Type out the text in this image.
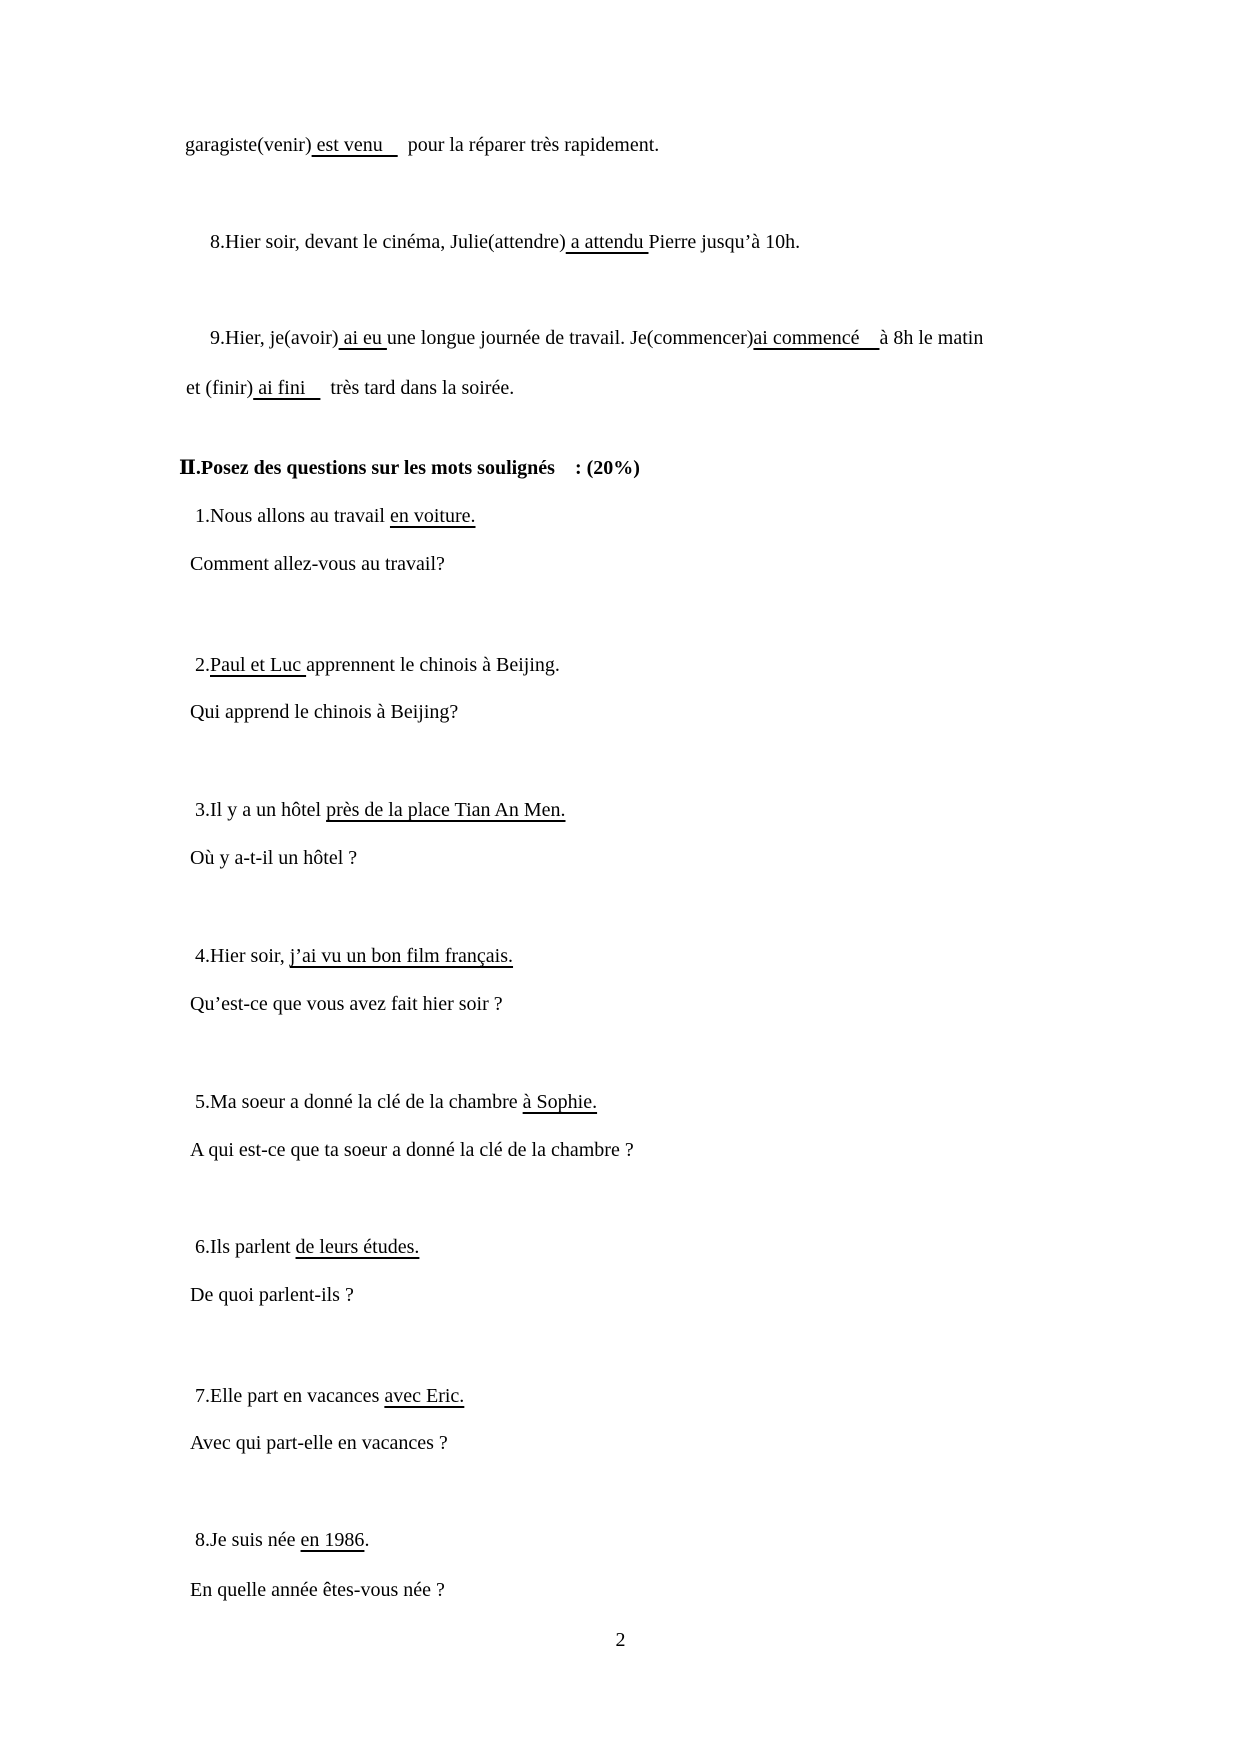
garagiste(venir) est venu     pour la réparer très rapidement.
8.Hier soir, devant le cinéma, Julie(attendre) a attendu Pierre jusqu’à 10h.
9.Hier, je(avoir) ai eu une longue journée de travail. Je(commencer)ai commencé    à 8h le matin
et (finir) ai fini     très tard dans la soirée.
Ⅱ.Posez des questions sur les mots soulignés    : (20%)
1.Nous allons au travail en voiture.
Comment allez-vous au travail?
2.Paul et Luc apprennent le chinois à Beijing.
Qui apprend le chinois à Beijing?
3.Il y a un hôtel près de la place Tian An Men.
Où y a-t-il un hôtel ?
4.Hier soir, j’ai vu un bon film français.
Qu’est-ce que vous avez fait hier soir ?
5.Ma soeur a donné la clé de la chambre à Sophie.
A qui est-ce que ta soeur a donné la clé de la chambre ?
6.Ils parlent de leurs études.
De quoi parlent-ils ?
7.Elle part en vacances avec Eric.
Avec qui part-elle en vacances ?
8.Je suis née en 1986.
En quelle année êtes-vous née ?
2
